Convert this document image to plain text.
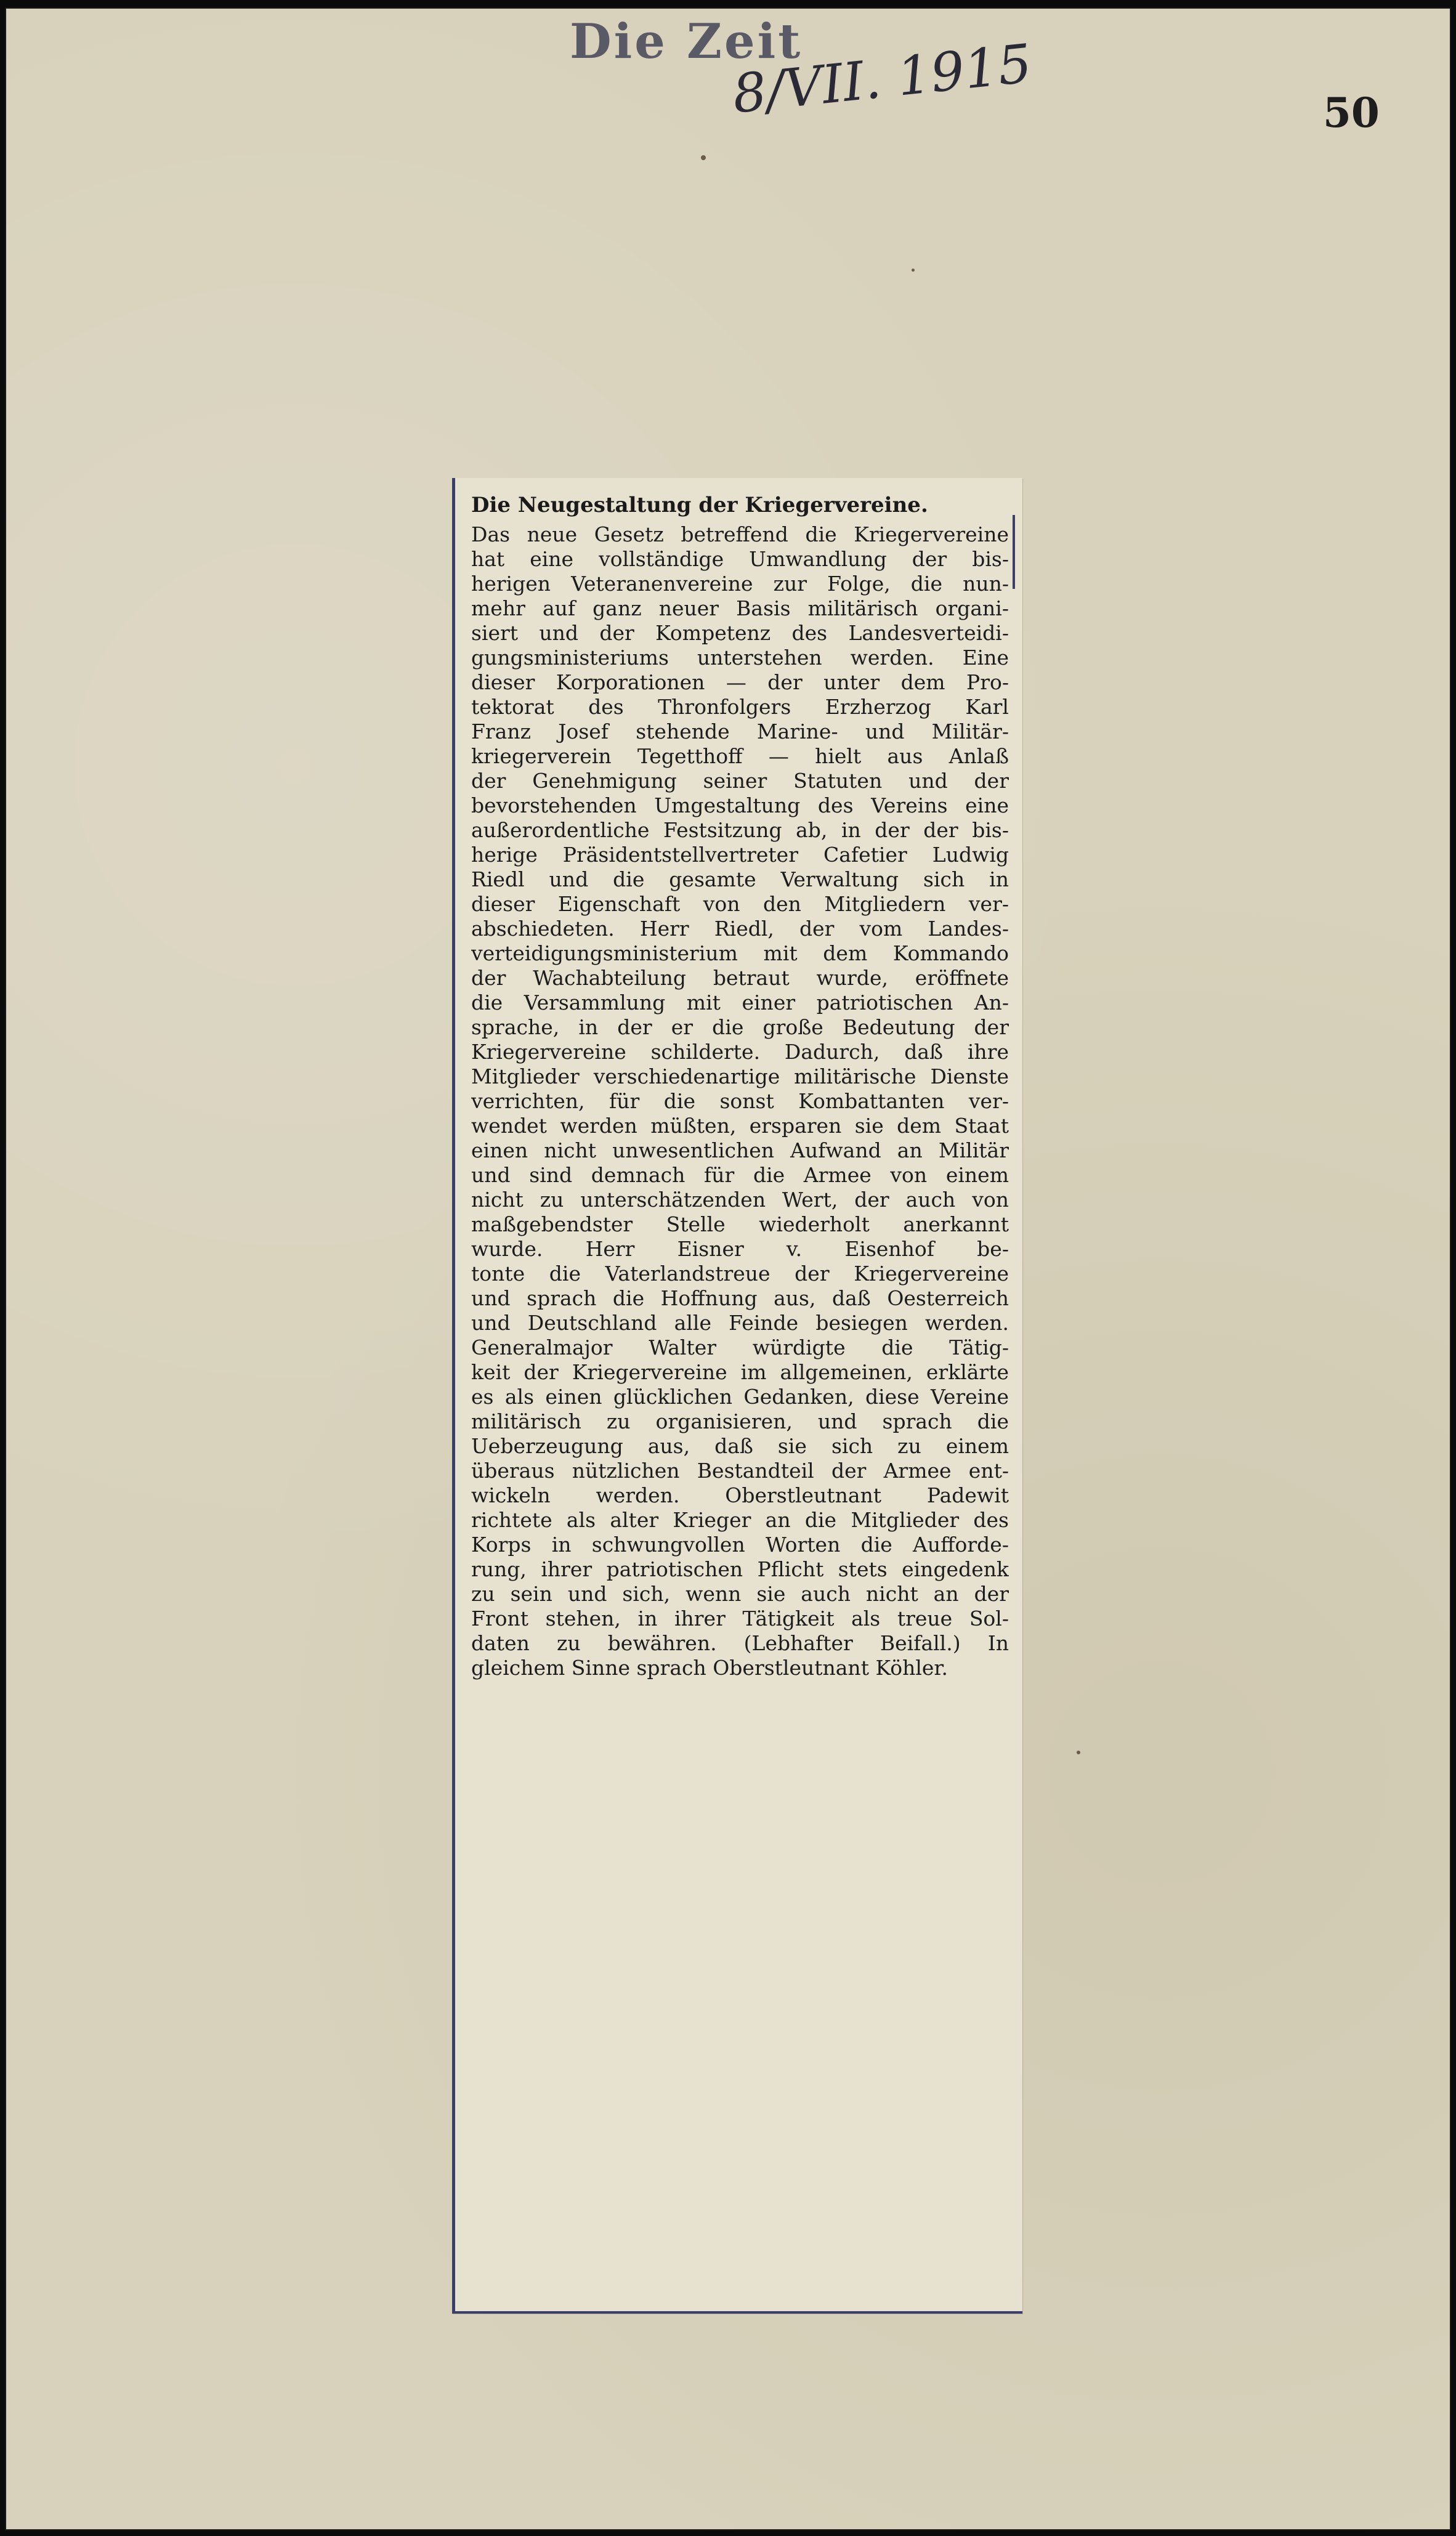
Die Zeit
8/VII. 1915	50
Die Neugestaltung der Kriegervereine.
Das neue Gesetz betreffend die Kriegervereine
hat eine vollständige Umwandlung der bis-
herigen Veteranenvereine zur Folge, die nun-
mehr auf ganz neuer Basis militärisch organi-
siert und der Kompetenz des Landesverteidi-
gungsministeriums unterstehen werden. Eine
dieser Korporationen — der unter dem Pro-
tektorat des Thronfolgers Erzherzog Karl
Franz Josef stehende Marine- und Militär-
kriegerverein Tegetthoff — hielt aus Anlaß
der Genehmigung seiner Statuten und der
bevorstehenden Umgestaltung des Vereins eine
außerordentliche Festsitzung ab, in der der bis-
herige Präsidentstellvertreter Cafetier Ludwig
Riedl und die gesamte Verwaltung sich in
dieser Eigenschaft von den Mitgliedern ver-
abschiedeten. Herr Riedl, der vom Landes-
verteidigungsministerium mit dem Kommando
der Wachabteilung betraut wurde, eröffnete
die Versammlung mit einer patriotischen An-
sprache, in der er die große Bedeutung der
Kriegervereine schilderte. Dadurch, daß ihre
Mitglieder verschiedenartige militärische Dienste
verrichten, für die sonst Kombattanten ver-
wendet werden müßten, ersparen sie dem Staat
einen nicht unwesentlichen Aufwand an Militär
und sind demnach für die Armee von einem
nicht zu unterschätzenden Wert, der auch von
maßgebendster Stelle wiederholt anerkannt
wurde. Herr Eisner v. Eisenhof be-
tonte die Vaterlandstreue der Kriegervereine
und sprach die Hoffnung aus, daß Oesterreich
und Deutschland alle Feinde besiegen werden.
Generalmajor Walter würdigte die Tätig-
keit der Kriegervereine im allgemeinen, erklärte
es als einen glücklichen Gedanken, diese Vereine
militärisch zu organisieren, und sprach die
Ueberzeugung aus, daß sie sich zu einem
überaus nützlichen Bestandteil der Armee ent-
wickeln werden. Oberstleutnant Padewit
richtete als alter Krieger an die Mitglieder des
Korps in schwungvollen Worten die Aufforde-
rung, ihrer patriotischen Pflicht stets eingedenk
zu sein und sich, wenn sie auch nicht an der
Front stehen, in ihrer Tätigkeit als treue Sol-
daten zu bewähren. (Lebhafter Beifall.) In
gleichem Sinne sprach Oberstleutnant Köhler.
